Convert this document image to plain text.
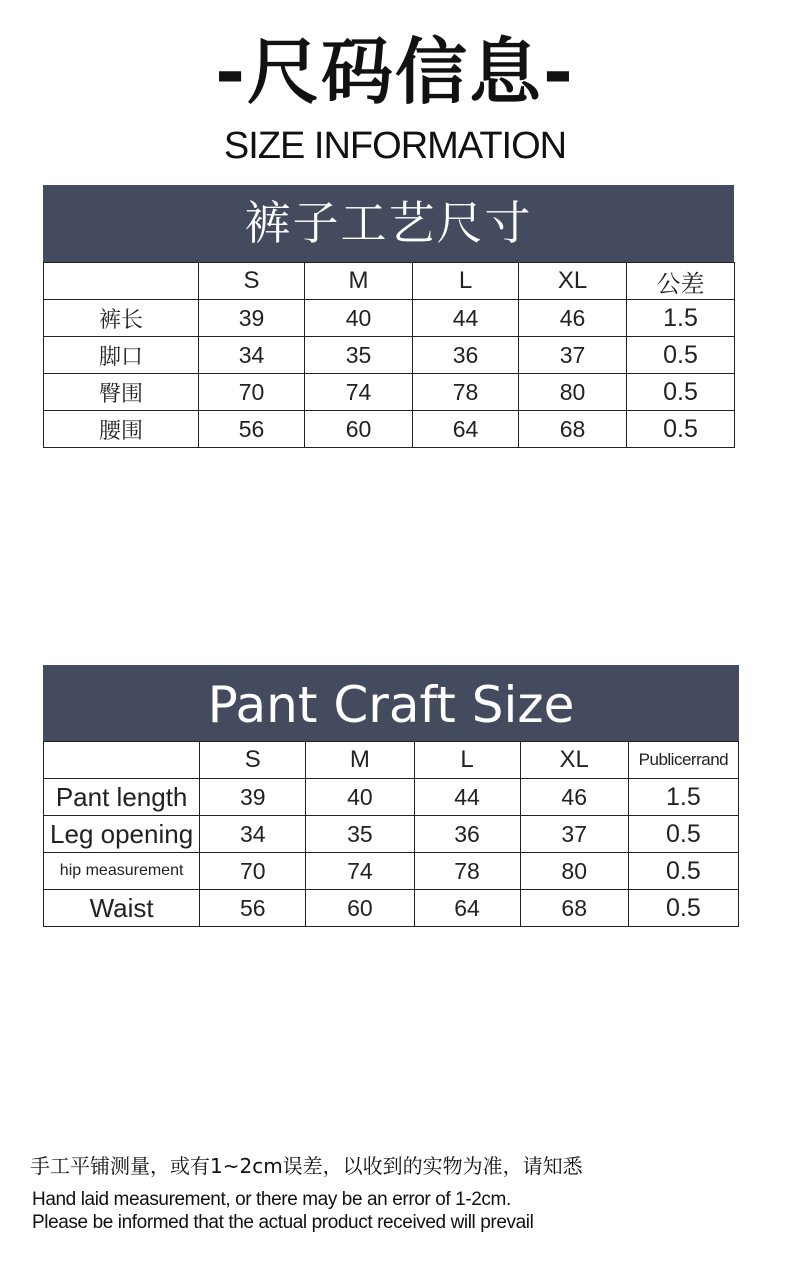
-尺码信息-
SIZE INFORMATION
裤子工艺尺寸
	S	M	L	XL	公差
裤长	39	40	44	46	1.5
脚口	34	35	36	37	0.5
臀围	70	74	78	80	0.5
腰围	56	60	64	68	0.5
Pant Craft Size
	S	M	L	XL	Publicerrand
Pant length	39	40	44	46	1.5
Leg opening	34	35	36	37	0.5
hip measurement	70	74	78	80	0.5
Waist	56	60	64	68	0.5
手工平铺测量，或有1~2cm误差，以收到的实物为准，请知悉
Hand laid measurement, or there may be an error of 1-2cm.
Please be informed that the actual product received will prevail
